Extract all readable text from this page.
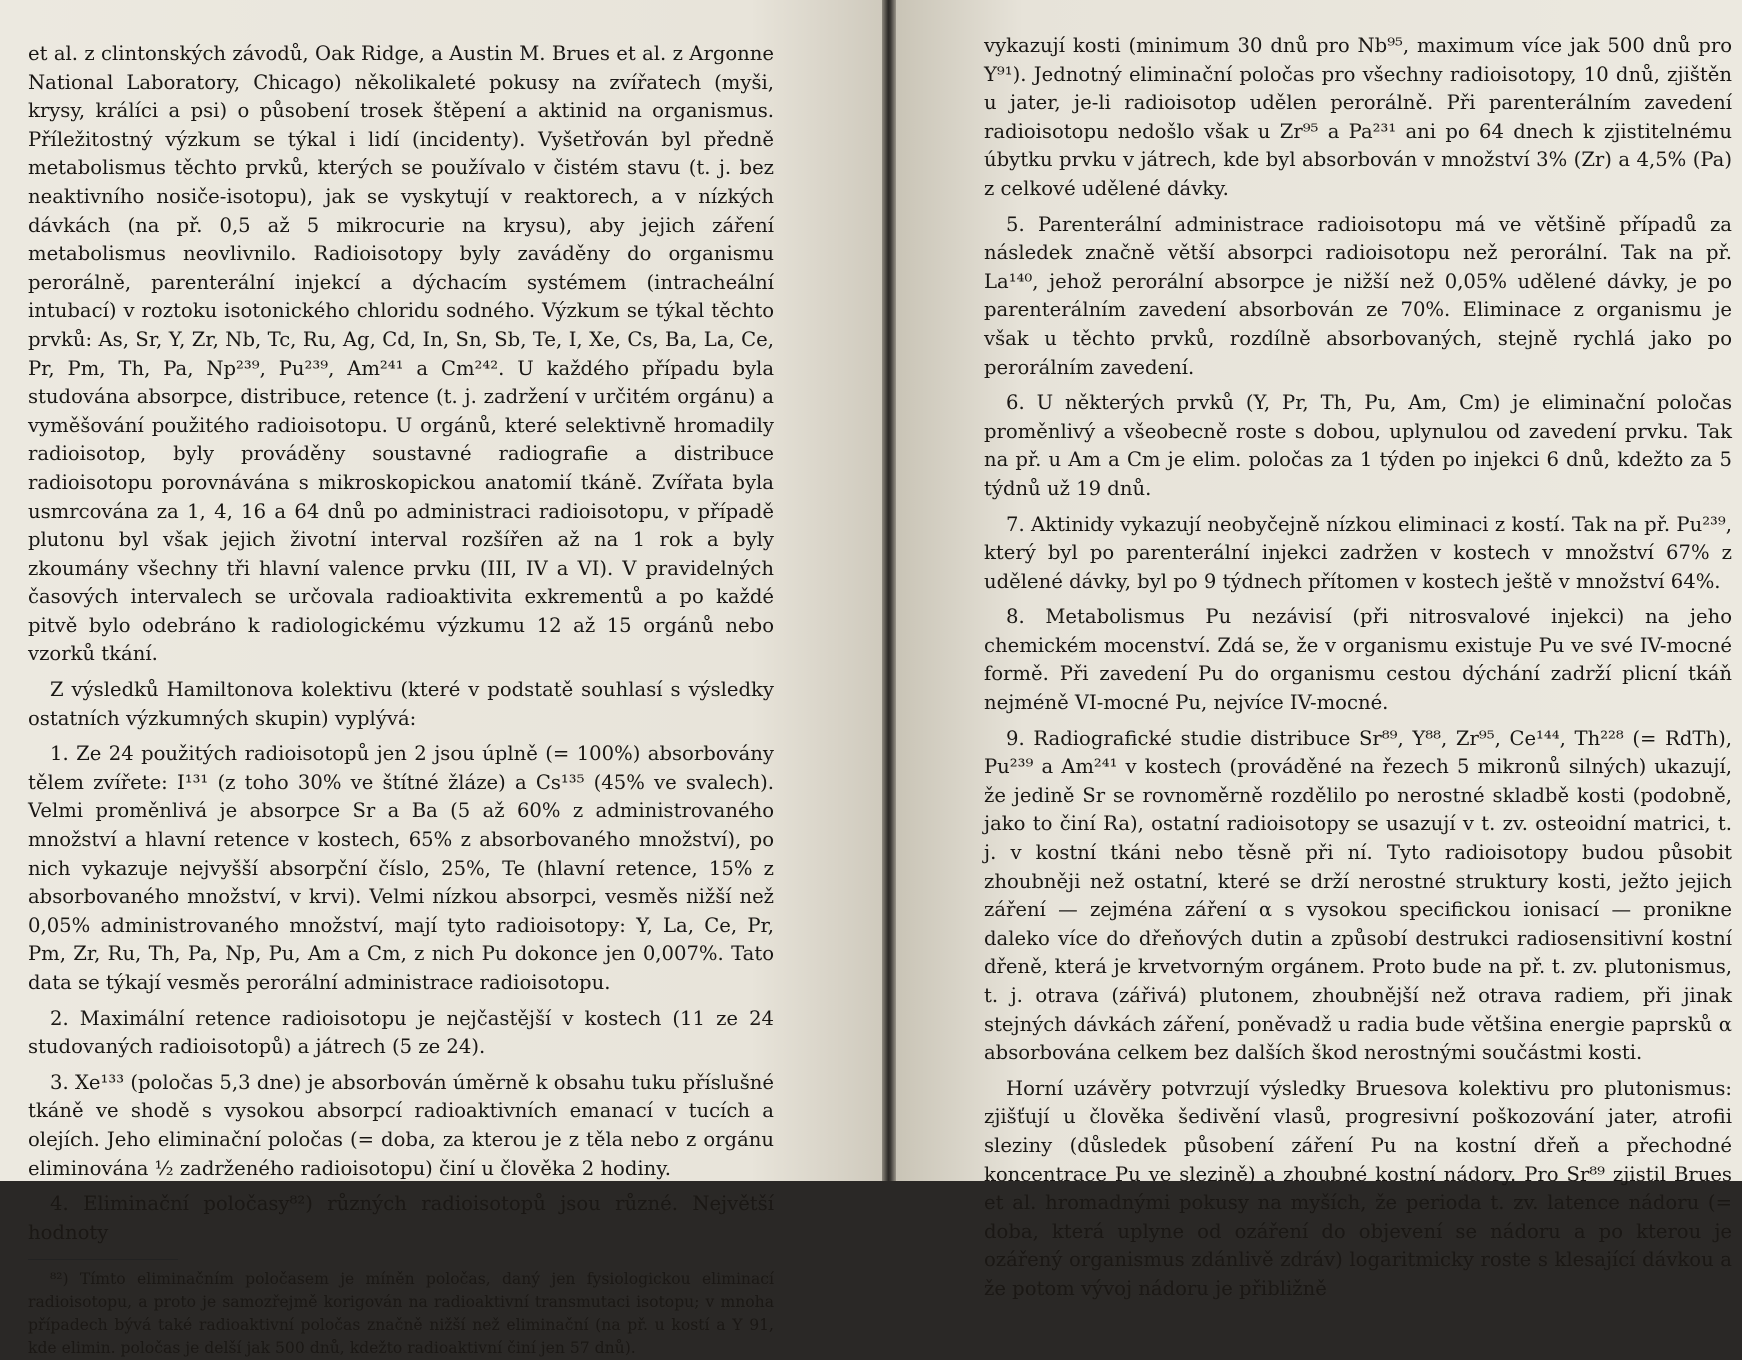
et al. z clintonských závodů, Oak Ridge, a Austin M. Brues et al. z Argonne National Laboratory, Chicago) několikaleté pokusy na zvířatech (myši, krysy, králíci a psi) o působení trosek štěpení a aktinid na organismus. Příležitostný výzkum se týkal i lidí (incidenty). Vyšetřován byl předně metabolismus těchto prvků, kterých se používalo v čistém stavu (t. j. bez neaktivního nosiče-isotopu), jak se vyskytují v reaktorech, a v nízkých dávkách (na př. 0,5 až 5 mikrocurie na krysu), aby jejich záření metabolismus neovlivnilo. Radioisotopy byly zaváděny do organismu perorálně, parenterální injekcí a dýchacím systémem (intracheální intubací) v roztoku isotonického chloridu sodného. Výzkum se týkal těchto prvků: As, Sr, Y, Zr, Nb, Tc, Ru, Ag, Cd, In, Sn, Sb, Te, I, Xe, Cs, Ba, La, Ce, Pr, Pm, Th, Pa, Np²³⁹, Pu²³⁹, Am²⁴¹ a Cm²⁴². U každého případu byla studována absorpce, distribuce, retence (t. j. zadržení v určitém orgánu) a vyměšování použitého radioisotopu. U orgánů, které selektivně hromadily radioisotop, byly prováděny soustavné radiografie a distribuce radioisotopu porovnávána s mikroskopickou anatomií tkáně. Zvířata byla usmrcována za 1, 4, 16 a 64 dnů po administraci radioisotopu, v případě plutonu byl však jejich životní interval rozšířen až na 1 rok a byly zkoumány všechny tři hlavní valence prvku (III, IV a VI). V pravidelných časových intervalech se určovala radioaktivita exkrementů a po každé pitvě bylo odebráno k radiologickému výzkumu 12 až 15 orgánů nebo vzorků tkání.

Z výsledků Hamiltonova kolektivu (které v podstatě souhlasí s výsledky ostatních výzkumných skupin) vyplývá:

1. Ze 24 použitých radioisotopů jen 2 jsou úplně (= 100%) absorbovány tělem zvířete: I¹³¹ (z toho 30% ve štítné žláze) a Cs¹³⁵ (45% ve svalech). Velmi proměnlivá je absorpce Sr a Ba (5 až 60% z administrovaného množství a hlavní retence v kostech, 65% z absorbovaného množství), po nich vykazuje nejvyšší absorpční číslo, 25%, Te (hlavní retence, 15% z absorbovaného množství, v krvi). Velmi nízkou absorpci, vesměs nižší než 0,05% administrovaného množství, mají tyto radioisotopy: Y, La, Ce, Pr, Pm, Zr, Ru, Th, Pa, Np, Pu, Am a Cm, z nich Pu dokonce jen 0,007%. Tato data se týkají vesměs perorální administrace radioisotopu.

2. Maximální retence radioisotopu je nejčastější v kostech (11 ze 24 studovaných radioisotopů) a játrech (5 ze 24).

3. Xe¹³³ (poločas 5,3 dne) je absorbován úměrně k obsahu tuku příslušné tkáně ve shodě s vysokou absorpcí radioaktivních emanací v tucích a olejích. Jeho eliminační poločas (= doba, za kterou je z těla nebo z orgánu eliminována ½ zadrženého radioisotopu) činí u člověka 2 hodiny.

4. Eliminační poločasy⁸²) různých radioisotopů jsou různé. Největší hodnoty

⁸²) Tímto eliminačním poločasem je míněn poločas, daný jen fysiologickou eliminací radioisotopu, a proto je samozřejmě korigován na radioaktivní transmutaci isotopu; v mnoha případech bývá také radioaktivní poločas značně nižší než eliminační (na př. u kostí a Y 91, kde elimin. poločas je delší jak 500 dnů, kdežto radioaktivní činí jen 57 dnů).

vykazují kosti (minimum 30 dnů pro Nb⁹⁵, maximum více jak 500 dnů pro Y⁹¹). Jednotný eliminační poločas pro všechny radioisotopy, 10 dnů, zjištěn u jater, je-li radioisotop udělen perorálně. Při parenterálním zavedení radioisotopu nedošlo však u Zr⁹⁵ a Pa²³¹ ani po 64 dnech k zjistitelnému úbytku prvku v játrech, kde byl absorbován v množství 3% (Zr) a 4,5% (Pa) z celkové udělené dávky.

5. Parenterální administrace radioisotopu má ve většině případů za následek značně větší absorpci radioisotopu než perorální. Tak na př. La¹⁴⁰, jehož perorální absorpce je nižší než 0,05% udělené dávky, je po parenterálním zavedení absorbován ze 70%. Eliminace z organismu je však u těchto prvků, rozdílně absorbovaných, stejně rychlá jako po perorálním zavedení.

6. U některých prvků (Y, Pr, Th, Pu, Am, Cm) je eliminační poločas proměnlivý a všeobecně roste s dobou, uplynulou od zavedení prvku. Tak na př. u Am a Cm je elim. poločas za 1 týden po injekci 6 dnů, kdežto za 5 týdnů už 19 dnů.

7. Aktinidy vykazují neobyčejně nízkou eliminaci z kostí. Tak na př. Pu²³⁹, který byl po parenterální injekci zadržen v kostech v množství 67% z udělené dávky, byl po 9 týdnech přítomen v kostech ještě v množství 64%.

8. Metabolismus Pu nezávisí (při nitrosvalové injekci) na jeho chemickém mocenství. Zdá se, že v organismu existuje Pu ve své IV-mocné formě. Při zavedení Pu do organismu cestou dýchání zadrží plicní tkáň nejméně VI-mocné Pu, nejvíce IV-mocné.

9. Radiografické studie distribuce Sr⁸⁹, Y⁸⁸, Zr⁹⁵, Ce¹⁴⁴, Th²²⁸ (= RdTh), Pu²³⁹ a Am²⁴¹ v kostech (prováděné na řezech 5 mikronů silných) ukazují, že jedině Sr se rovnoměrně rozdělilo po nerostné skladbě kosti (podobně, jako to činí Ra), ostatní radioisotopy se usazují v t. zv. osteoidní matrici, t. j. v kostní tkáni nebo těsně při ní. Tyto radioisotopy budou působit zhoubněji než ostatní, které se drží nerostné struktury kosti, ježto jejich záření — zejména záření α s vysokou specifickou ionisací — pronikne daleko více do dřeňových dutin a způsobí destrukci radiosensitivní kostní dřeně, která je krvetvorným orgánem. Proto bude na př. t. zv. plutonismus, t. j. otrava (zářivá) plutonem, zhoubnější než otrava radiem, při jinak stejných dávkách záření, poněvadž u radia bude většina energie paprsků α absorbována celkem bez dalších škod nerostnými součástmi kosti.

Horní uzávěry potvrzují výsledky Bruesova kolektivu pro plutonismus: zjišťují u člověka šedivění vlasů, progresivní poškozování jater, atrofii sleziny (důsledek působení záření Pu na kostní dřeň a přechodné koncentrace Pu ve slezině) a zhoubné kostní nádory. Pro Sr⁸⁹ zjistil Brues et al. hromadnými pokusy na myších, že perioda t. zv. latence nádoru (= doba, která uplyne od ozáření do objevení se nádoru a po kterou je ozářený organismus zdánlivě zdráv) logaritmicky roste s klesající dávkou a že potom vývoj nádoru je přibližně
